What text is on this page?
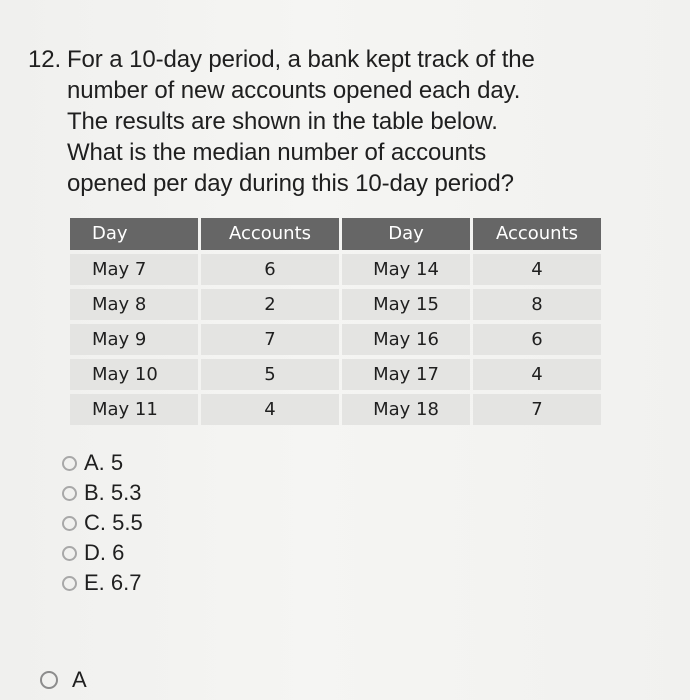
12. For a 10-day period, a bank kept track of the
number of new accounts opened each day.
The results are shown in the table below.
What is the median number of accounts
opened per day during this 10-day period?
Day	Accounts	Day	Accounts
May 7	6	May 14	4
May 8	2	May 15	8
May 9	7	May 16	6
May 10	5	May 17	4
May 11	4	May 18	7
A. 5
B. 5.3
C. 5.5
D. 6
E. 6.7
A
